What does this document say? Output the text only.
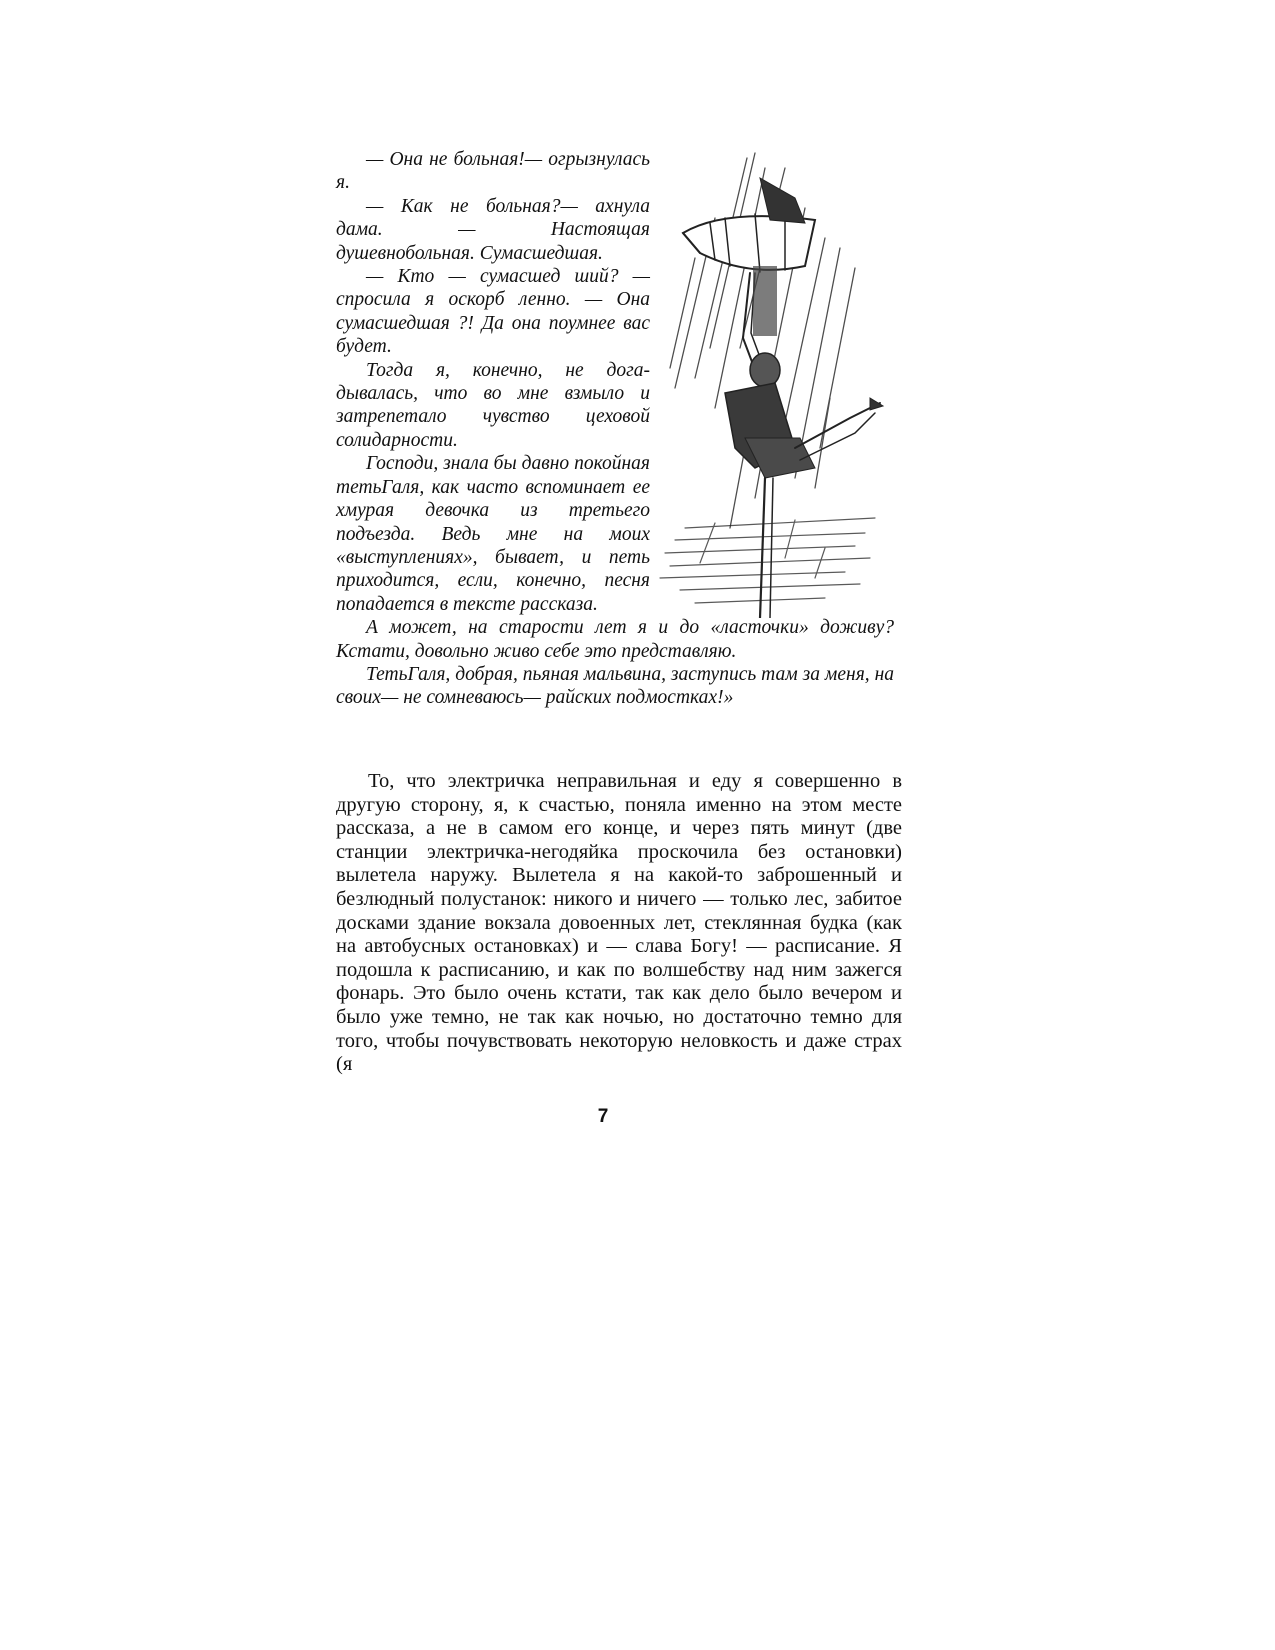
— Она не больная!— огрызнулась я.

— Как не больная?— ахнула дама. — Настоящая душевнобольная. Сумасшедшая.

— Кто — сумасшед ший? — спросила я оскорб ленно. — Она сумасшедшая ?! Да она поумнее вас будет.

Тогда я, конечно, не догадывалась, что во мне взмыло и затрепетало чувство цеховой солидарности.

Господи, знала бы давно покойная тетьГаля, как часто вспоминает ее хмурая девочка из третьего подъезда. Ведь мне на моих «выступлениях», бывает, и петь приходится, если, конечно, песня попадается в тексте рассказа.

А может, на старости лет я и до «ласточки» доживу? Кстати, довольно живо себе это представляю.

ТетьГаля, добрая, пьяная мальвина, заступись там за меня, на своих— не сомневаюсь— райских подмостках!»

То, что электричка неправильная и еду я совершенно в другую сторону, я, к счастью, поняла именно на этом месте рассказа, а не в самом его конце, и через пять минут (две станции электричка-негодяйка проскочила без остановки) вылетела наружу. Вылетела я на какой-то заброшенный и безлюдный полустанок: никого и ничего — только лес, забитое досками здание вокзала довоенных лет, стеклянная будка (как на автобусных остановках) и — слава Богу! — расписание. Я подошла к расписанию, и как по волшебству над ним зажегся фонарь. Это было очень кстати, так как дело было вечером и было уже темно, не так как ночью, но достаточно темно для того, чтобы почувствовать некоторую неловкость и даже страх (я

7
